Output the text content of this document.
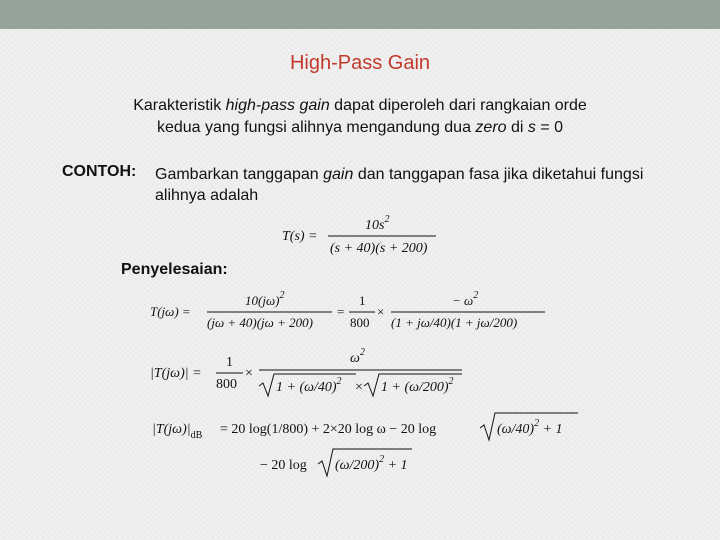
High-Pass Gain
Karakteristik high-pass gain dapat diperoleh dari rangkaian orde
kedua yang fungsi alihnya mengandung dua zero di s = 0
CONTOH: Gambarkan tanggapan gain dan tanggapan fasa jika diketahui fungsi alihnya adalah
Penyelesaian:
T(s) =
$10s^2$
(s + 40)(s + 200)
T(jω) =
$10(j\omega)^2$
(jω + 40)(jω + 200)
=
1
800
×
− $\omega^2$
(1 + jω/40)(1 + jω/200)
|T(jω)| =
1
800
×
$\omega^2$
$1 + (\omega/40)^2 \times 1 + (\omega/200)^2$
$|T(j\omega)|_{dB} = 20$ log(1/800) + 2×20 log ω − 20 log	$(\omega/40)^2 + 1$
− 20 $\log (\omega/200)^2 + 1$
